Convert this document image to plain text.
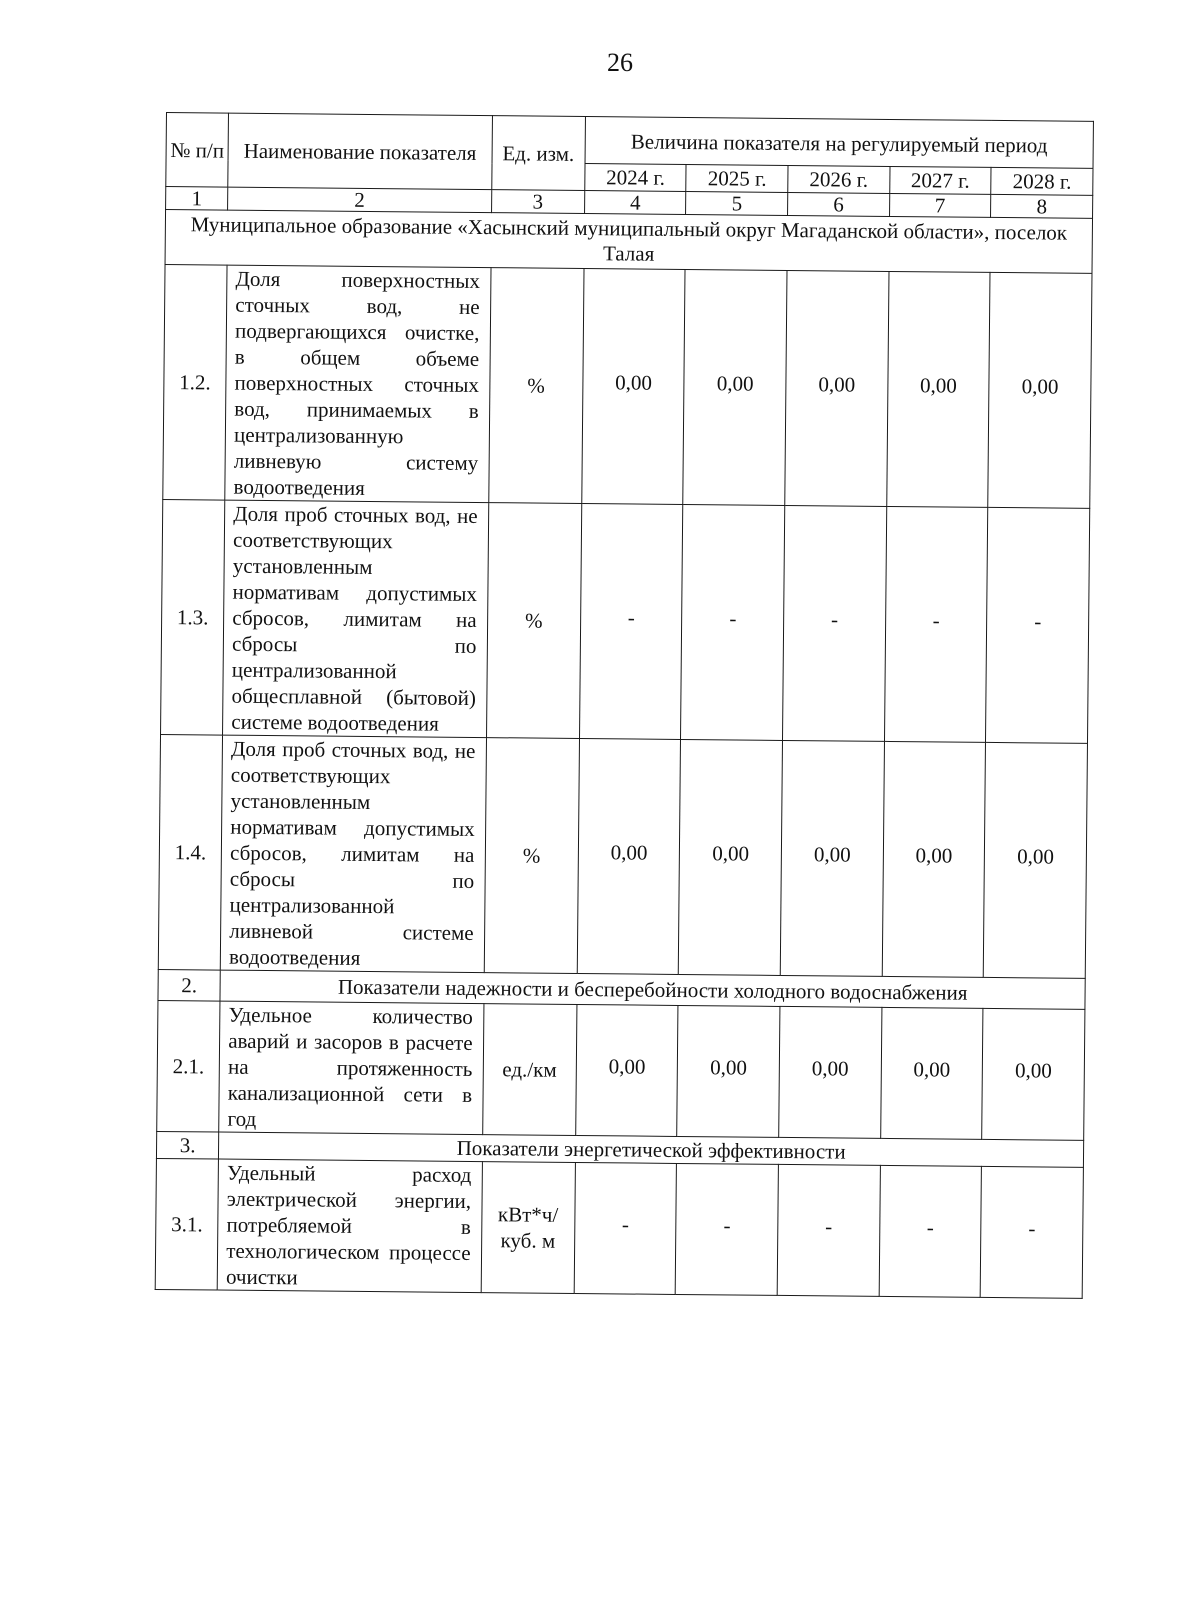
26
№ п/п	Наименование показателя	Ед. изм.	Величина показателя на регулируемый период				
			2024 г.	2025 г.	2026 г.	2027 г.	2028 г.
1	2	3	4	5	6	7	8
Муниципальное образование «Хасынский муниципальный округ Магаданской области», поселок Талая							
1.2.	Доля поверхностных сточных вод, не подвергающихся очистке, в общем объеме поверхностных сточных вод, принимаемых в централизованную ливневую систему водоотведения	%	0,00	0,00	0,00	0,00	0,00
1.3.	Доля проб сточных вод, не соответствующих установленным нормативам допустимых сбросов, лимитам на сбросы по централизованной общесплавной (бытовой) системе водоотведения	%	-	-	-	-	-
1.4.	Доля проб сточных вод, не соответствующих установленным нормативам допустимых сбросов, лимитам на сбросы по централизованной ливневой системе водоотведения	%	0,00	0,00	0,00	0,00	0,00
2.	Показатели надежности и бесперебойности холодного водоснабжения						
2.1.	Удельное количество аварий и засоров в расчете на протяженность канализационной сети в год	ед./км	0,00	0,00	0,00	0,00	0,00
3.	Показатели энергетической эффективности						
3.1.	Удельный расход электрической энергии, потребляемой в технологическом процессе очистки	кВт*ч/ куб. м	-	-	-	-	-
